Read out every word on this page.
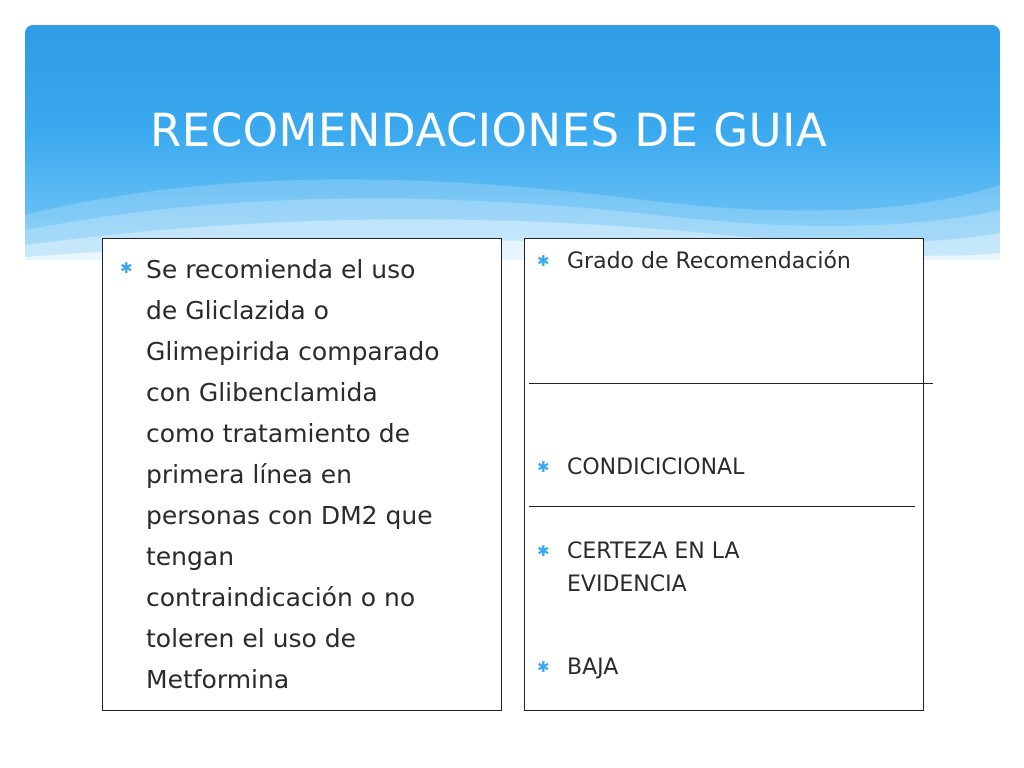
RECOMENDACIONES DE GUIA
✱ Se recomienda el uso
de Gliclazida o
Glimepirida comparado
con Glibenclamida
como tratamiento de
primera línea en
personas con DM2 que
tengan
contraindicación o no
toleren el uso de
Metformina
✱ Grado de Recomendación
✱ CONDICICIONAL
✱ CERTEZA EN LA EVIDENCIA
✱ BAJA
